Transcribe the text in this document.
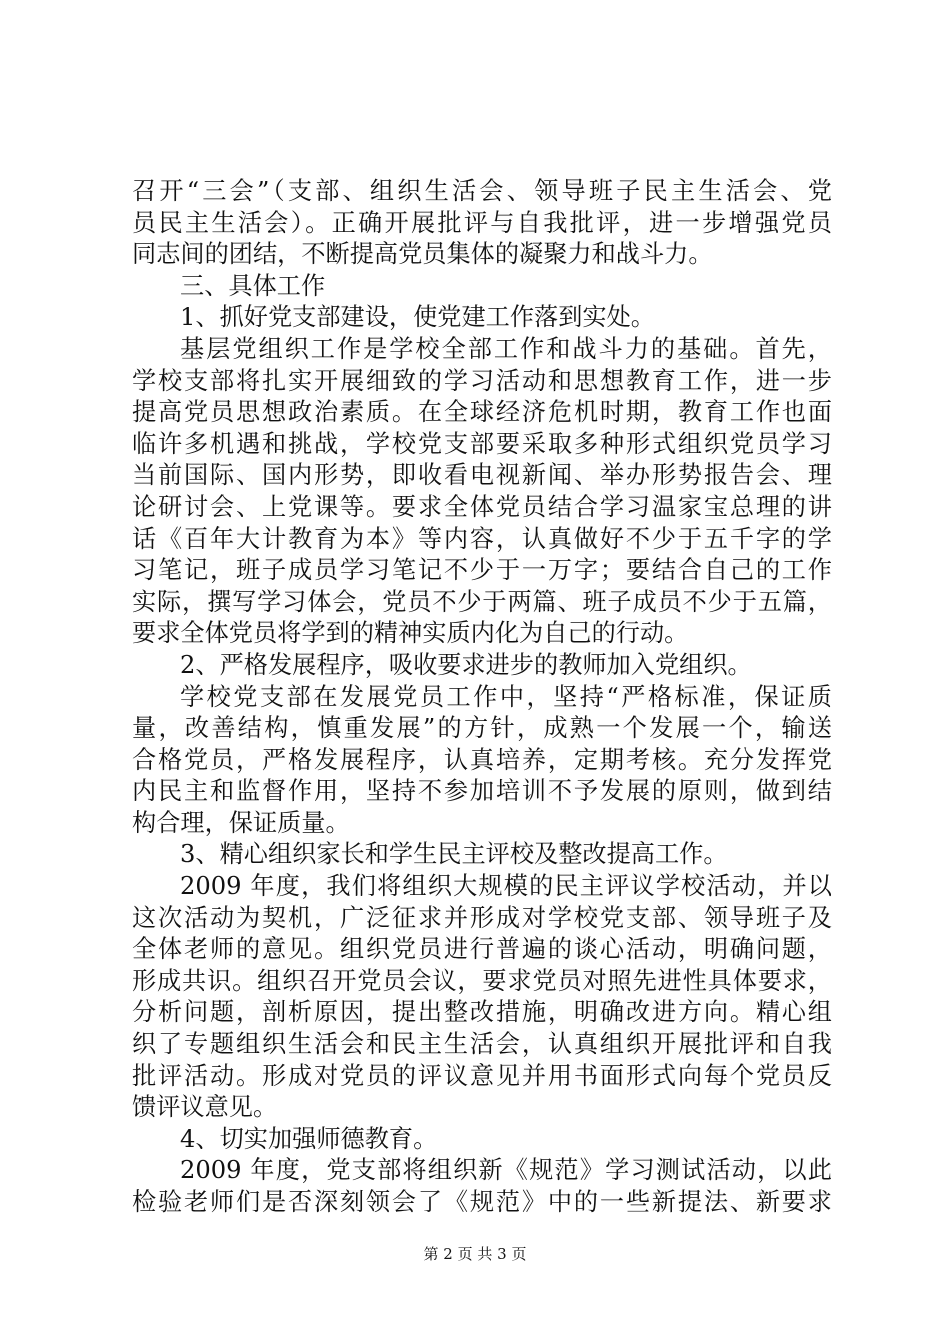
召开“三会”（支部、组织生活会、领导班子民主生活会、党
员民主生活会）。正确开展批评与自我批评，进一步增强党员
同志间的团结，不断提高党员集体的凝聚力和战斗力。
三、具体工作
1、抓好党支部建设，使党建工作落到实处。
基层党组织工作是学校全部工作和战斗力的基础。首先，
学校支部将扎实开展细致的学习活动和思想教育工作，进一步
提高党员思想政治素质。在全球经济危机时期，教育工作也面
临许多机遇和挑战，学校党支部要采取多种形式组织党员学习
当前国际、国内形势，即收看电视新闻、举办形势报告会、理
论研讨会、上党课等。要求全体党员结合学习温家宝总理的讲
话《百年大计教育为本》等内容，认真做好不少于五千字的学
习笔记，班子成员学习笔记不少于一万字；要结合自己的工作
实际，撰写学习体会，党员不少于两篇、班子成员不少于五篇，
要求全体党员将学到的精神实质内化为自己的行动。
2、严格发展程序，吸收要求进步的教师加入党组织。
学校党支部在发展党员工作中，坚持“严格标准，保证质
量，改善结构，慎重发展”的方针，成熟一个发展一个，输送
合格党员，严格发展程序，认真培养，定期考核。充分发挥党
内民主和监督作用，坚持不参加培训不予发展的原则，做到结
构合理，保证质量。
3、精心组织家长和学生民主评校及整改提高工作。
2009 年度，我们将组织大规模的民主评议学校活动，并以
这次活动为契机，广泛征求并形成对学校党支部、领导班子及
全体老师的意见。组织党员进行普遍的谈心活动，明确问题，
形成共识。组织召开党员会议，要求党员对照先进性具体要求，
分析问题，剖析原因，提出整改措施，明确改进方向。精心组
织了专题组织生活会和民主生活会，认真组织开展批评和自我
批评活动。形成对党员的评议意见并用书面形式向每个党员反
馈评议意见。
4、切实加强师德教育。
2009 年度，党支部将组织新《规范》学习测试活动，以此
检验老师们是否深刻领会了《规范》中的一些新提法、新要求
第 2 页 共 3 页
